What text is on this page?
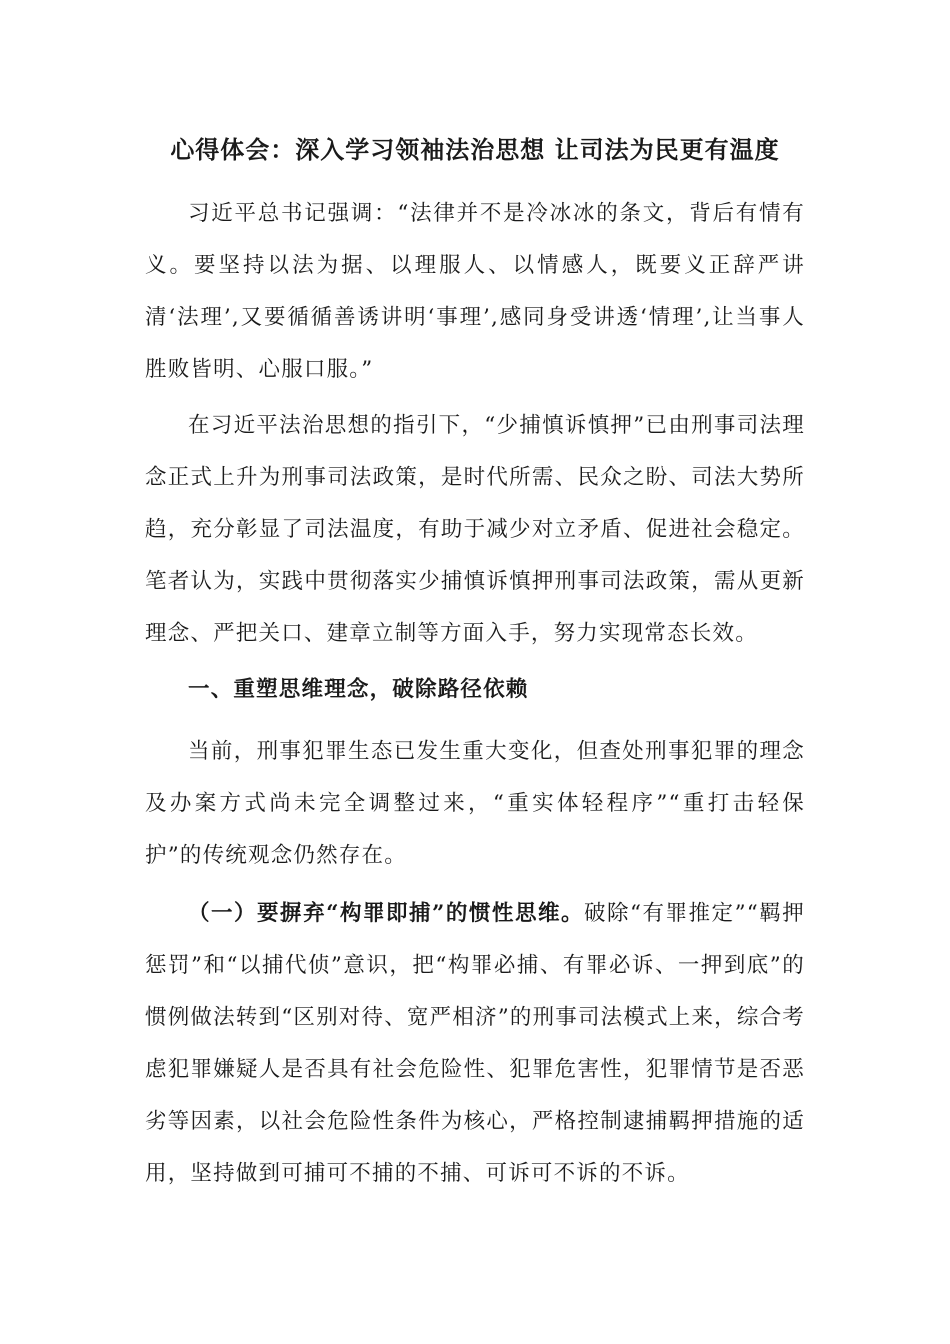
心得体会：深入学习领袖法治思想 让司法为民更有温度

习近平总书记强调：“法律并不是冷冰冰的条文，背后有情有义。要坚持以法为据、以理服人、以情感人，既要义正辞严讲清‘法理’,又要循循善诱讲明‘事理’,感同身受讲透‘情理’,让当事人胜败皆明、心服口服。”

在习近平法治思想的指引下，“少捕慎诉慎押”已由刑事司法理念正式上升为刑事司法政策，是时代所需、民众之盼、司法大势所趋，充分彰显了司法温度，有助于减少对立矛盾、促进社会稳定。笔者认为，实践中贯彻落实少捕慎诉慎押刑事司法政策，需从更新理念、严把关口、建章立制等方面入手，努力实现常态长效。

一、重塑思维理念，破除路径依赖

当前，刑事犯罪生态已发生重大变化，但查处刑事犯罪的理念及办案方式尚未完全调整过来，“重实体轻程序”“重打击轻保护”的传统观念仍然存在。

（一）要摒弃“构罪即捕”的惯性思维。破除“有罪推定”“羁押惩罚”和“以捕代侦”意识，把“构罪必捕、有罪必诉、一押到底”的惯例做法转到“区别对待、宽严相济”的刑事司法模式上来，综合考虑犯罪嫌疑人是否具有社会危险性、犯罪危害性，犯罪情节是否恶劣等因素，以社会危险性条件为核心，严格控制逮捕羁押措施的适用，坚持做到可捕可不捕的不捕、可诉可不诉的不诉。
